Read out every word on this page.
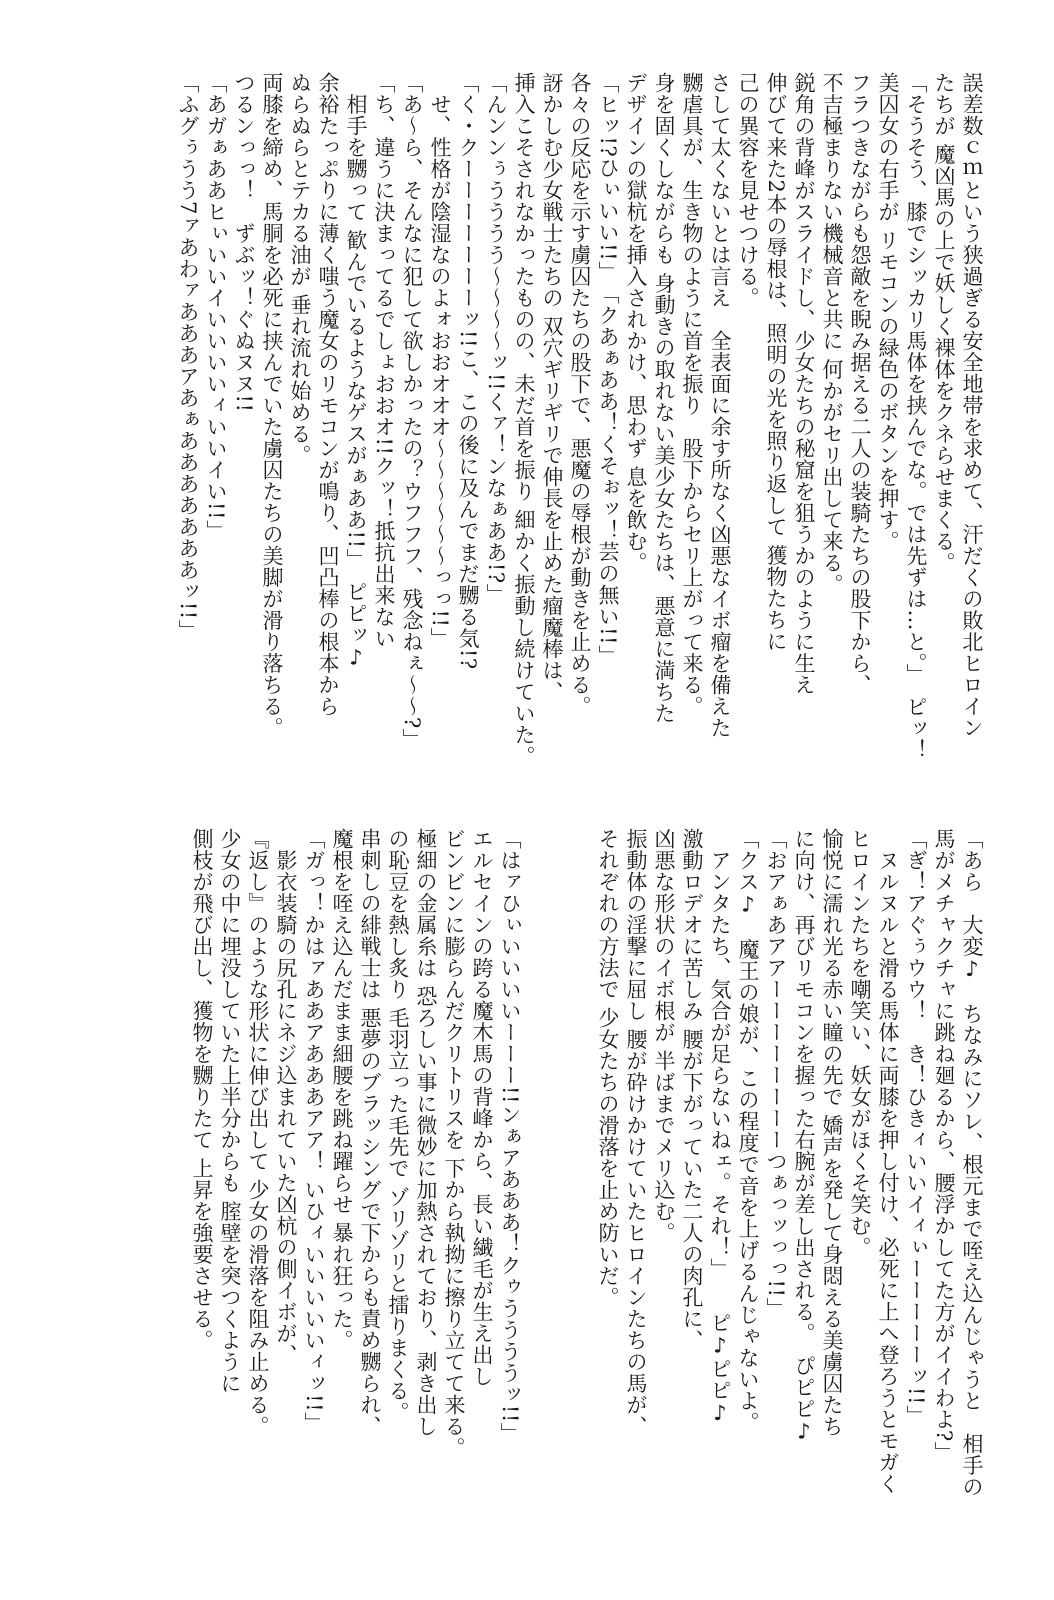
誤差数ｃｍという狭過ぎる安全地帯を求めて、汗だくの敗北ヒロイン
たちが 魔凶馬の上で妖しく裸体をクネらせまくる。
「そうそう、膝でシッカリ馬体を挟んでな。では先ずは…と。」　ピッ！
美囚女の右手が リモコンの緑色のボタンを押す。
フラつきながらも怨敵を睨み据える二人の装騎たちの股下から、
不吉極まりない機械音と共に 何かがセリ出して来る。
鋭角の背峰がスライドし、少女たちの秘窟を狙うかのように生え
伸びて来た2本の辱根は、照明の光を照り返して 獲物たちに
己の異容を見せつける。
さして太くないとは言え　全表面に余す所なく凶悪なイボ瘤を備えた
嬲虐具が、生き物のように首を振り　股下からセリ上がって来る。
身を固くしながらも 身動きの取れない美少女たちは、悪意に満ちた
デザインの獄杭を挿入されかけ、思わず 息を飲む。
「ヒッ!?ひぃいい!!」　「クあぁああ！くそぉッ！芸の無い!!」
各々の反応を示す虜囚たちの股下で、悪魔の辱根が動きを止める。
訝かしむ少女戦士たちの 双穴ギリギリで伸長を止めた瘤魔棒は、
挿入こそされなかったものの、未だ首を振り 細かく振動し続けていた。
「んンンぅうううう～～～～ッ!!くァ！ンなぁああ!?」
「く・クーーーーーーーッ!!こ、この後に及んでまだ嬲る気!?
　せ、性格が陰湿なのよォおおオオオ～～～～～～っっ!!」
「あ～ら、そんなに犯して欲しかったの？ウフフフ、残念ねぇ～～?」
「ち、違うに決まってるでしょおおオ!!クッ！抵抗出来ない
　相手を嬲って 歓んでいるようなゲスがぁああ!!」　ピピッ♪
余裕たっぷりに薄く嗤う魔女のリモコンが鳴り、凹凸棒の根本から
ぬらぬらとテカる油が 垂れ流れ始める。
両膝を締め、馬胴を必死に挟んでいた虜囚たちの美脚が滑り落ちる。
つるンっっ！　ずぶッ！ぐぬヌヌ!!
「あガぁああヒぃいいイいいいいィいいイい!!」
「ふグぅうう7ァあわァあああアあぁあああああああッ!!」
「あら　大変♪　ちなみにソレ、根元まで咥え込んじゃうと　相手の
馬がメチャクチャに跳ね廻るから、腰浮かしてた方がイイわよ?」
「ぎ！アぐぅウウ！　き！ひきィいいイィぃーーーーーッ!!」
　ヌルヌルと滑る馬体に両膝を押し付け、必死に上へ登ろうとモガく
ヒロインたちを嘲笑い、妖女がほくそ笑む。
愉悦に濡れ光る赤い瞳の先で 嬌声を発して身悶える美虜囚たち
に向け、再びリモコンを握った右腕が差し出される。　ぴピピ♪
「おアぁあアアーーーーーーーーつぁっッっっ!!」
「クス♪　魔王の娘が、この程度で音を上げるんじゃないよ。
　アンタたち、気合が足らないねェ。それ！」　　ピ♪ピピ♪
激動ロデオに苦しみ 腰が下がっていた二人の肉孔に、
凶悪な形状のイボ根が 半ばまでメリ込む。
振動体の淫撃に屈し 腰が砕けかけていたヒロインたちの馬が、
それぞれの方法で 少女たちの滑落を止め防いだ。
「はァひぃいいいいーーー!!ンぁアあああ！クゥううううッ!!」
エルセインの跨る魔木馬の背峰から、長い繊毛が生え出し
ビンビンに膨らんだクリトリスを 下から執拗に擦り立てて来る。
極細の金属糸は 恐ろしい事に微妙に加熱されており、剥き出し
の恥豆を熱し炙り 毛羽立った毛先で ゾリゾリと擂りまくる。
串刺しの緋戦士は 悪夢のブラッシングで下からも責め嬲られ、
魔根を咥え込んだまま細腰を跳ね躍らせ 暴れ狂った。
「ガっ！かはァああアあああアア！ いひィいいいいいィッ!!」
　影衣装騎の尻孔にネジ込まれていた凶杭の側イボが、
『返し』のような形状に伸び出して 少女の滑落を阻み止める。
少女の中に埋没していた上半分からも 腟壁を突つくように
側枝が飛び出し、獲物を嬲りたて 上昇を強要させる。
